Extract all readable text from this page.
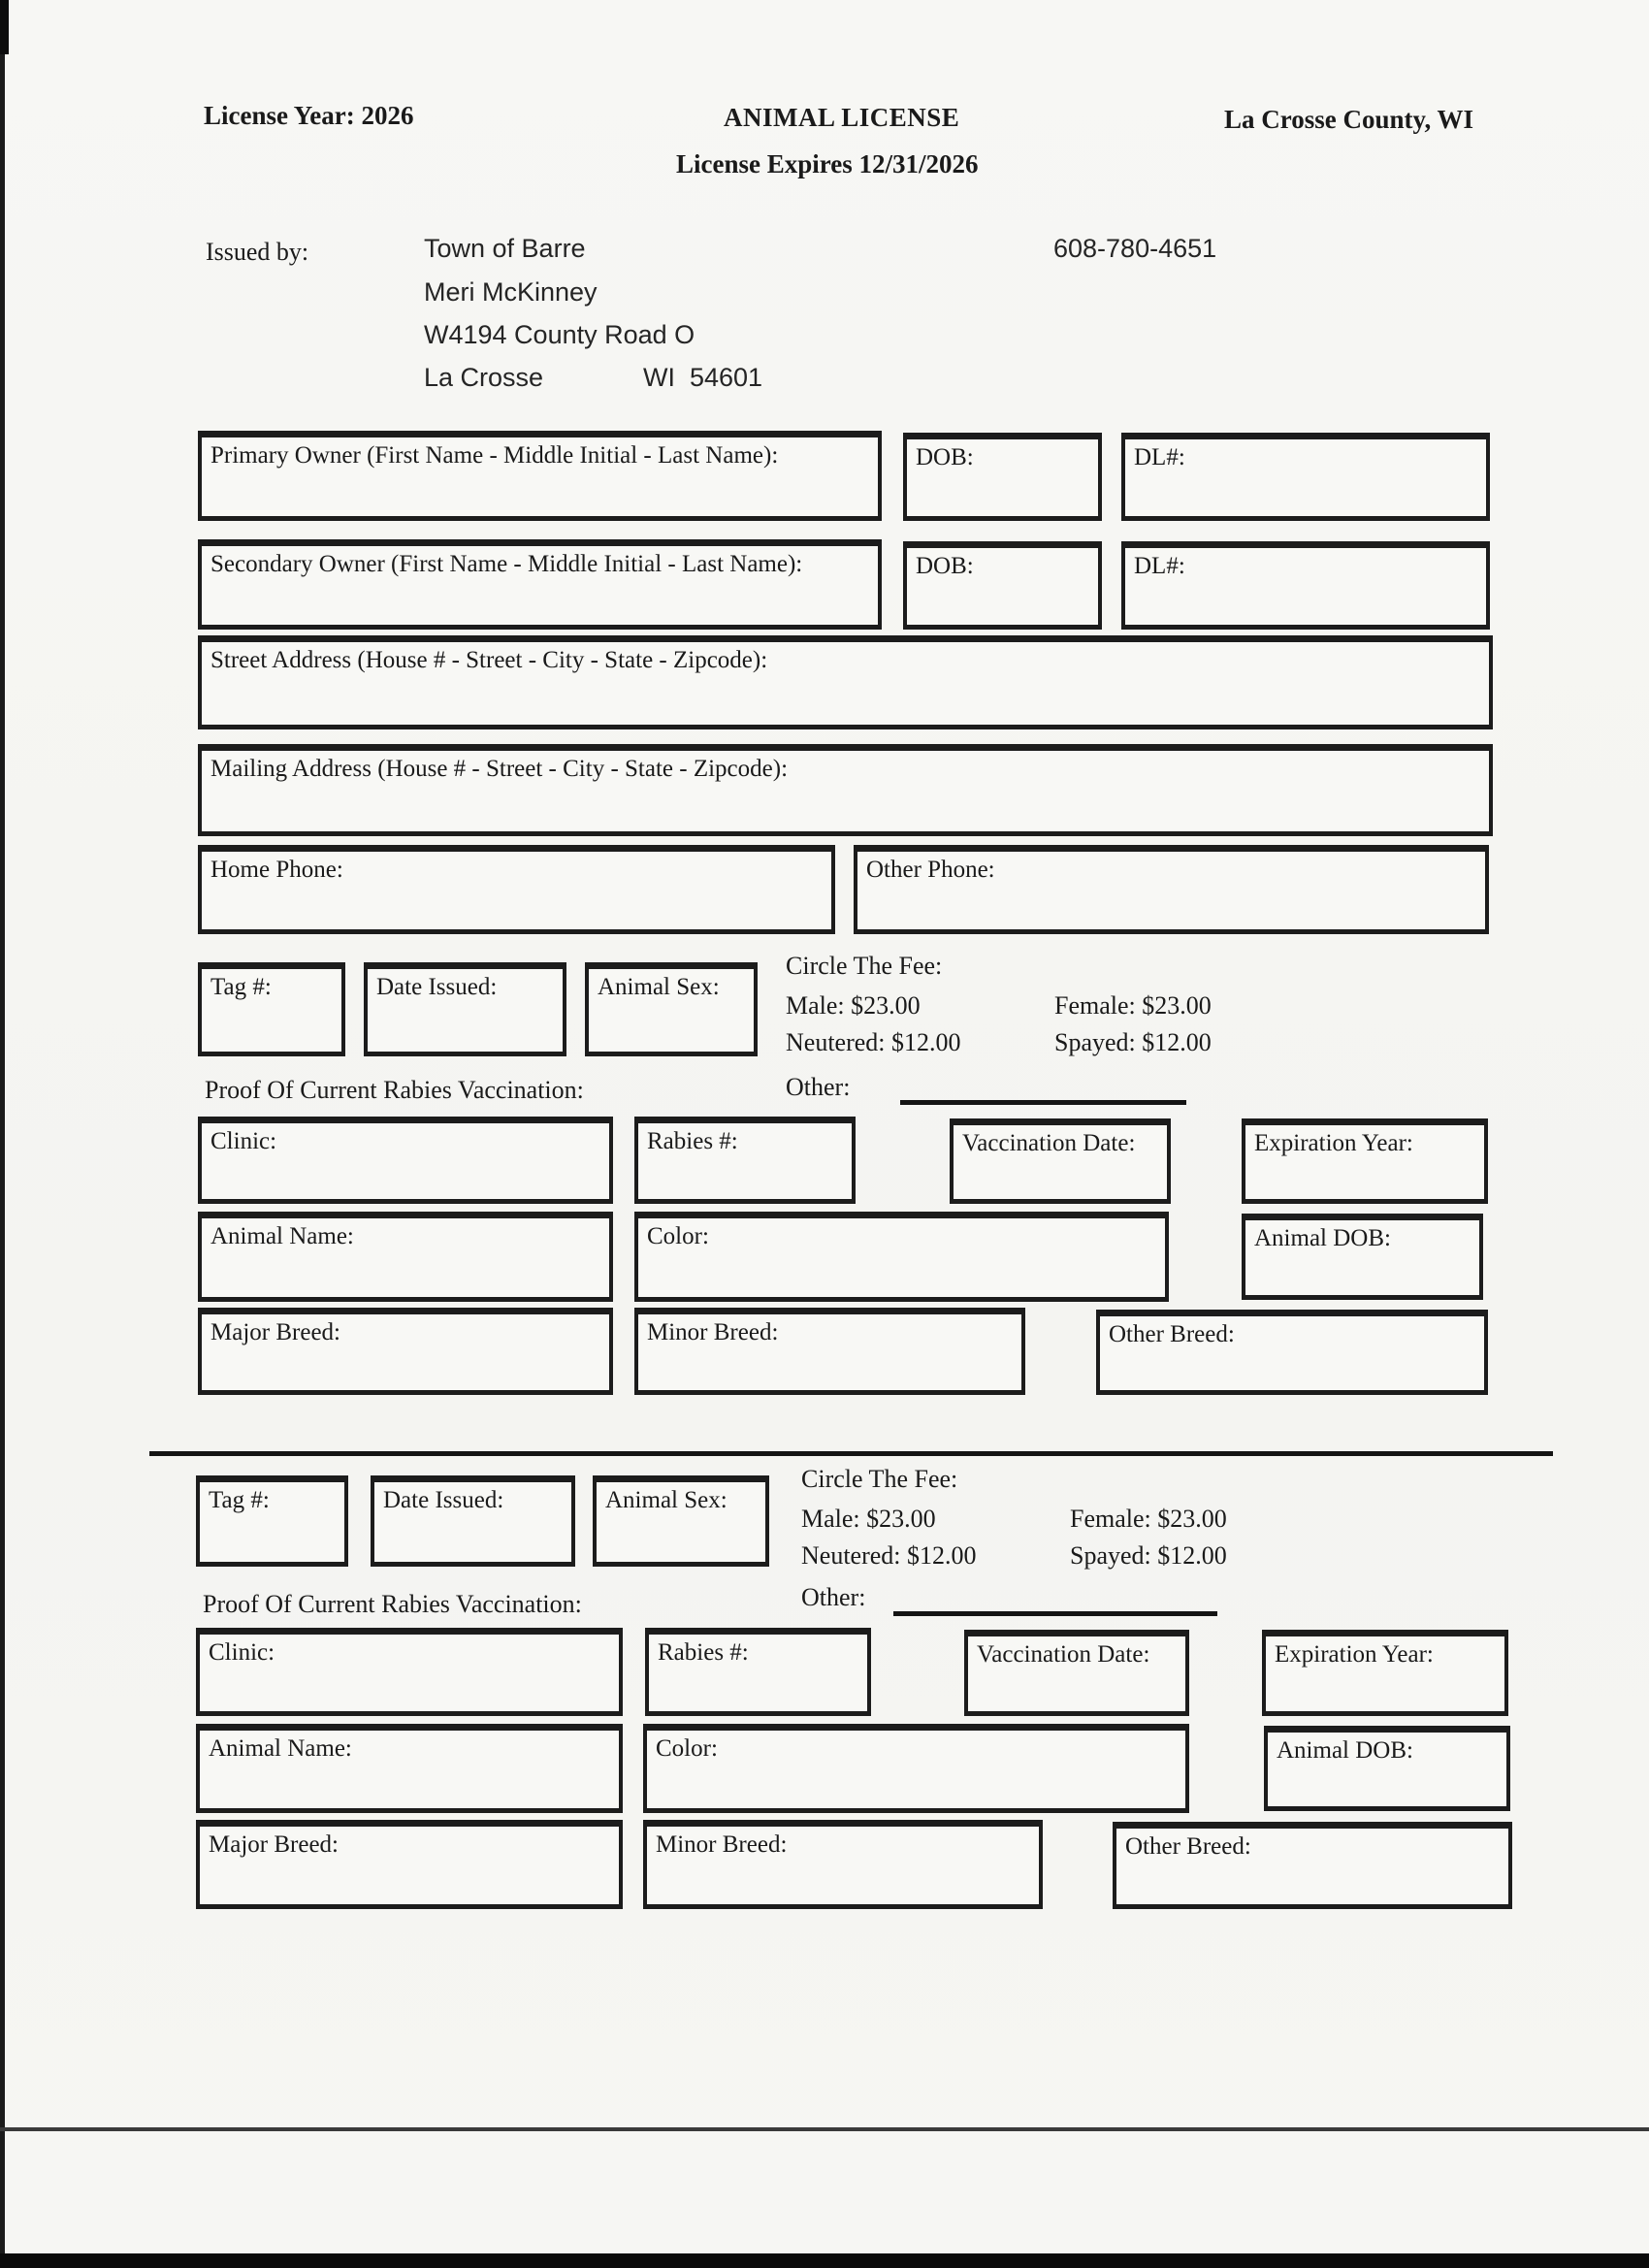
License Year: 2026	ANIMAL LICENSE	La Crosse County, WI
License Expires 12/31/2026
Issued by:	Town of Barre	608-780-4651
Meri McKinney
W4194 County Road O
La Crosse	WI  54601
Primary Owner (First Name - Middle Initial - Last Name):	DOB:	DL#:
Secondary Owner (First Name - Middle Initial - Last Name):	DOB:	DL#:
Street Address (House # - Street - City - State - Zipcode):
Mailing Address (House # - Street - City - State - Zipcode):
Home Phone:	Other Phone:
Tag #:	Date Issued:	Animal Sex:
Circle The Fee:
Male: $23.00	Female: $23.00
Neutered: $12.00	Spayed: $12.00
Other:
Proof Of Current Rabies Vaccination:
Clinic:	Rabies #:	Vaccination Date:	Expiration Year:
Animal Name:	Color:	Animal DOB:
Major Breed:	Minor Breed:	Other Breed:
Tag #:	Date Issued:	Animal Sex:
Circle The Fee:
Male: $23.00	Female: $23.00
Neutered: $12.00	Spayed: $12.00
Other:
Proof Of Current Rabies Vaccination:
Clinic:	Rabies #:	Vaccination Date:	Expiration Year:
Animal Name:	Color:	Animal DOB:
Major Breed:	Minor Breed:	Other Breed:
